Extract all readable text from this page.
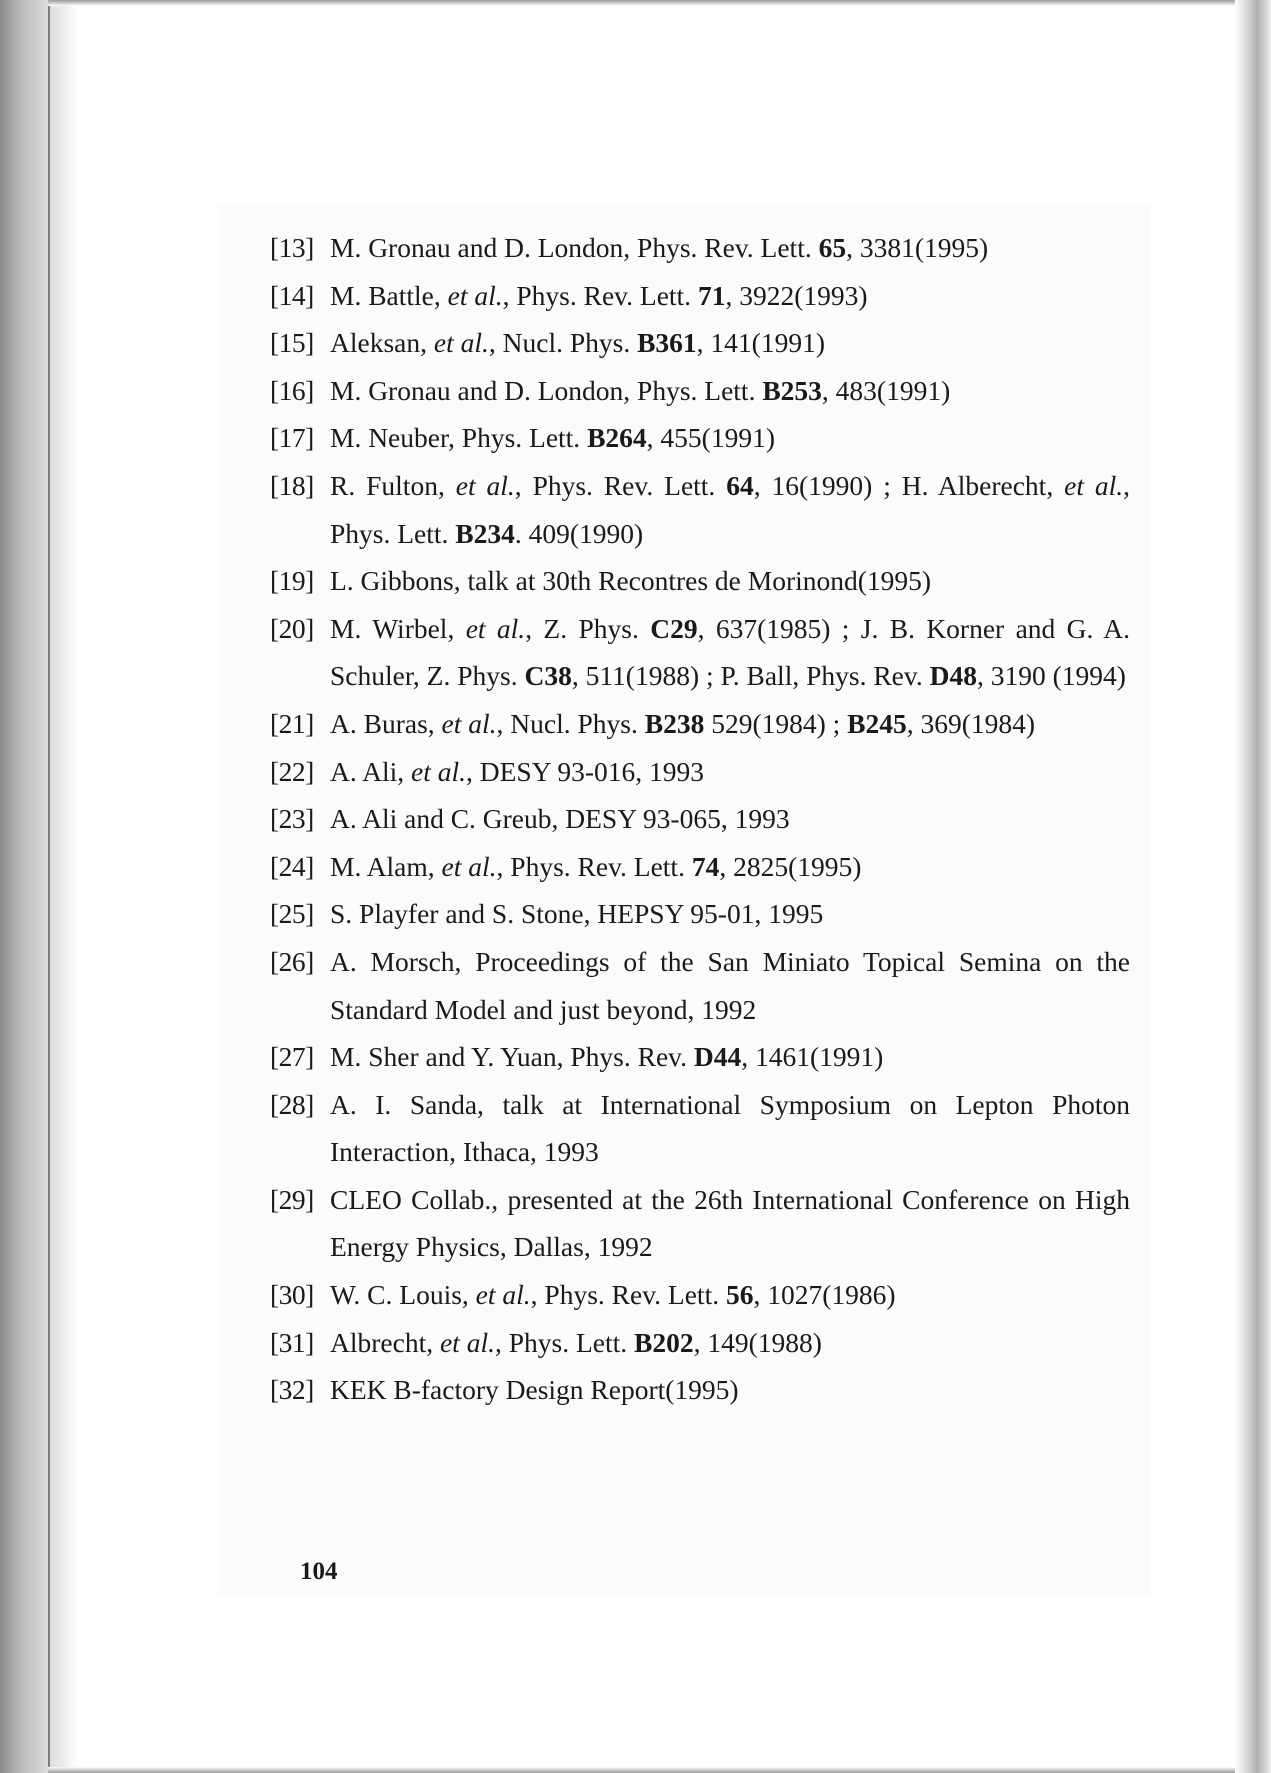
[13] M. Gronau and D. London, Phys. Rev. Lett. 65, 3381(1995)
[14] M. Battle, et al., Phys. Rev. Lett. 71, 3922(1993)
[15] Aleksan, et al., Nucl. Phys. B361, 141(1991)
[16] M. Gronau and D. London, Phys. Lett. B253, 483(1991)
[17] M. Neuber, Phys. Lett. B264, 455(1991)
[18] R. Fulton, et al., Phys. Rev. Lett. 64, 16(1990) ; H. Alberecht, et al., Phys. Lett. B234. 409(1990)
[19] L. Gibbons, talk at 30th Recontres de Morinond(1995)
[20] M. Wirbel, et al., Z. Phys. C29, 637(1985) ; J. B. Korner and G. A. Schuler, Z. Phys. C38, 511(1988) ; P. Ball, Phys. Rev. D48, 3190 (1994)
[21] A. Buras, et al., Nucl. Phys. B238 529(1984) ; B245, 369(1984)
[22] A. Ali, et al., DESY 93-016, 1993
[23] A. Ali and C. Greub, DESY 93-065, 1993
[24] M. Alam, et al., Phys. Rev. Lett. 74, 2825(1995)
[25] S. Playfer and S. Stone, HEPSY 95-01, 1995
[26] A. Morsch, Proceedings of the San Miniato Topical Semina on the Standard Model and just beyond, 1992
[27] M. Sher and Y. Yuan, Phys. Rev. D44, 1461(1991)
[28] A. I. Sanda, talk at International Symposium on Lepton Photon Interaction, Ithaca, 1993
[29] CLEO Collab., presented at the 26th International Conference on High Energy Physics, Dallas, 1992
[30] W. C. Louis, et al., Phys. Rev. Lett. 56, 1027(1986)
[31] Albrecht, et al., Phys. Lett. B202, 149(1988)
[32] KEK B-factory Design Report(1995)
104
